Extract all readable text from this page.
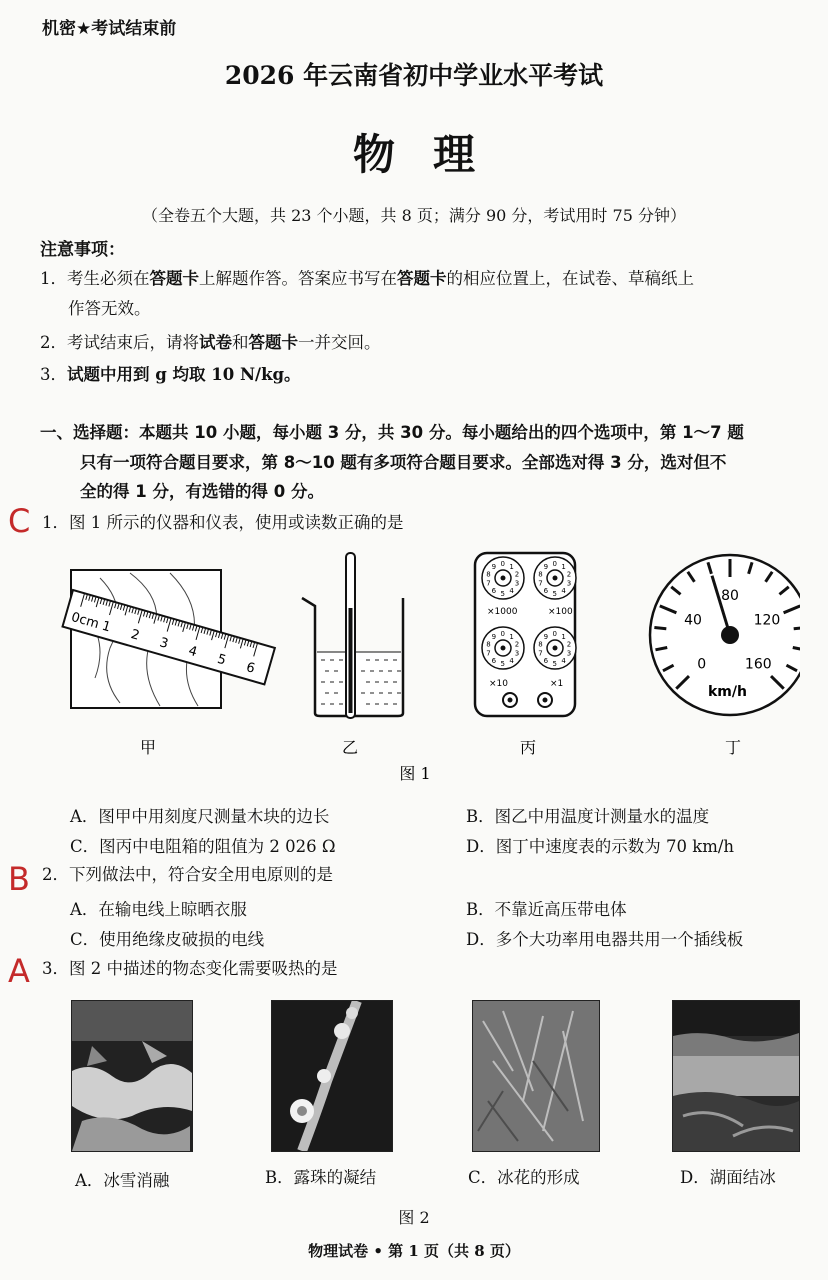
机密★考试结束前
2026 年云南省初中学业水平考试
物理
（全卷五个大题，共 23 个小题，共 8 页；满分 90 分，考试用时 75 分钟）
注意事项：
1．考生必须在答题卡上解题作答。答案应书写在答题卡的相应位置上，在试卷、草稿纸上
作答无效。
2．考试结束后，请将试卷和答题卡一并交回。
3．试题中用到 g 均取 10 N/kg。
一、选择题：本题共 10 小题，每小题 3 分，共 30 分。每小题给出的四个选项中，第 1～7 题
只有一项符合题目要求，第 8～10 题有多项符合题目要求。全部选对得 3 分，选对但不
全的得 1 分，有选错的得 0 分。
C 1．图 1 所示的仪器和仪表，使用或读数正确的是
0cm 1 2 3 4 5 6
0 1
2
3
4
5
6
7
8
9	0 1
2
3
4
5
6
7
8
9
0 1
2
3
4
5
6
7
8
9	0 1
2
3
4
5
6
7
8
9
×1000	×100
×10	×1
0
40
80
120
160
km/h
甲	乙	丙	丁
图 1
A．图甲中用刻度尺测量木块的边长	B．图乙中用温度计测量水的温度
C．图丙中电阻箱的阻值为 2 026 Ω	D．图丁中速度表的示数为 70 km/h
B 2．下列做法中，符合安全用电原则的是
A．在输电线上晾晒衣服	B．不靠近高压带电体
C．使用绝缘皮破损的电线	D．多个大功率用电器共用一个插线板
A 3．图 2 中描述的物态变化需要吸热的是
A．冰雪消融	B．露珠的凝结	C．冰花的形成	D．湖面结冰
图 2
物理试卷 • 第 1 页（共 8 页）
